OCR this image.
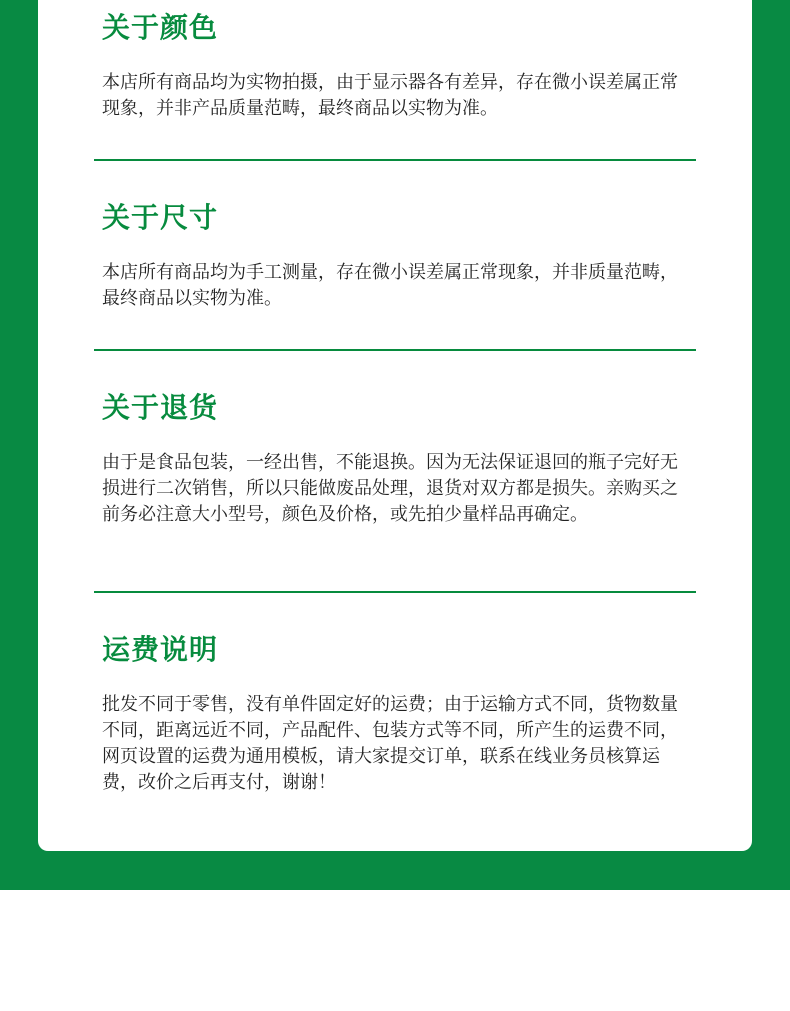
关于颜色
本店所有商品均为实物拍摄，由于显示器各有差异，存在微小误差属正常现象，并非产品质量范畴，最终商品以实物为准。
关于尺寸
本店所有商品均为手工测量，存在微小误差属正常现象，并非质量范畴，最终商品以实物为准。
关于退货
由于是食品包装，一经出售，不能退换。因为无法保证退回的瓶子完好无损进行二次销售，所以只能做废品处理，退货对双方都是损失。亲购买之前务必注意大小型号，颜色及价格，或先拍少量样品再确定。
运费说明
批发不同于零售，没有单件固定好的运费；由于运输方式不同，货物数量不同，距离远近不同，产品配件、包装方式等不同，所产生的运费不同，网页设置的运费为通用模板，请大家提交订单，联系在线业务员核算运费，改价之后再支付，谢谢！
